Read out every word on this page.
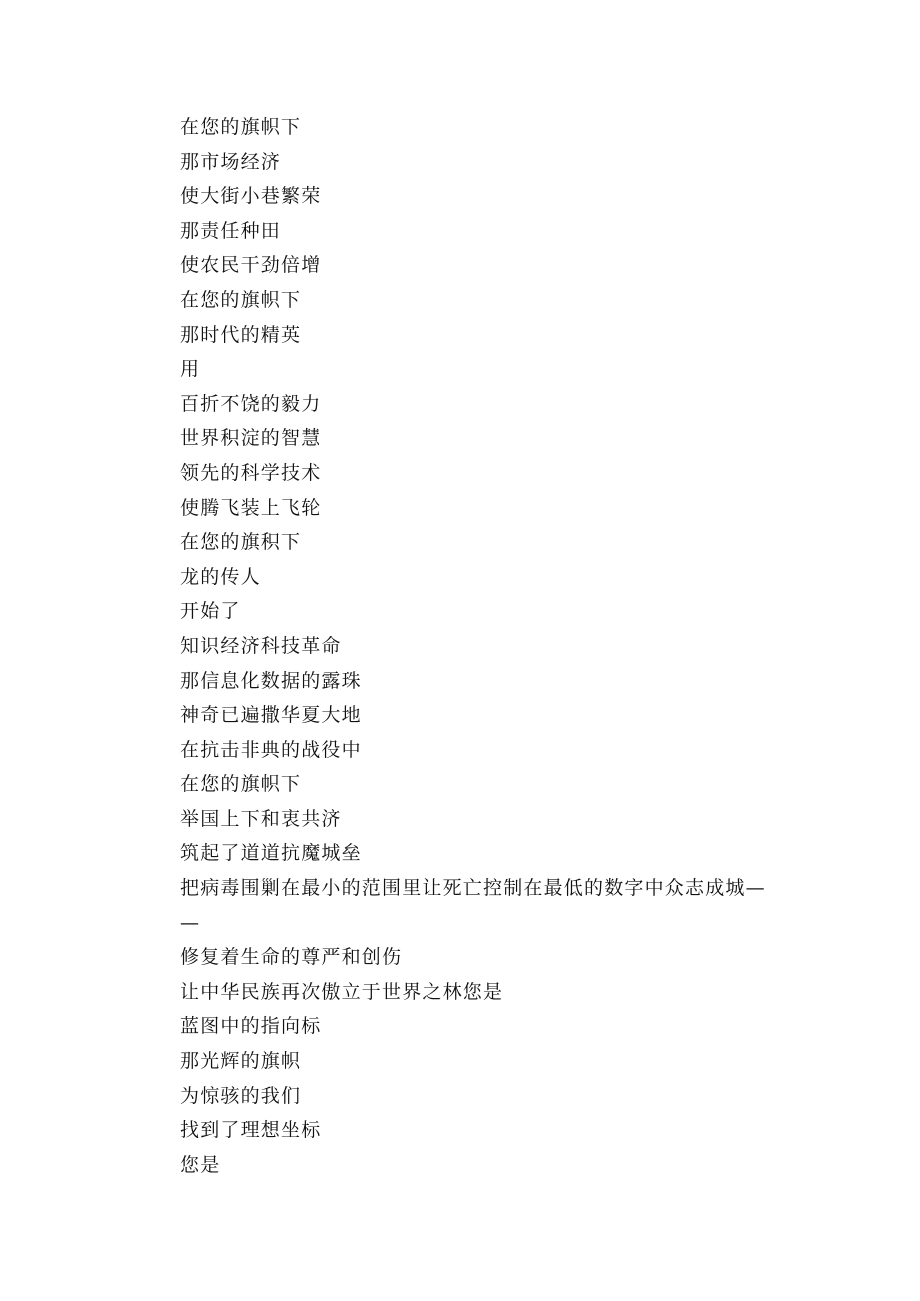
在您的旗帜下
那市场经济
使大街小巷繁荣
那责任种田
使农民干劲倍增
在您的旗帜下
那时代的精英
用
百折不饶的毅力
世界积淀的智慧
领先的科学技术
使腾飞装上飞轮
在您的旗积下
龙的传人
开始了
知识经济科技革命
那信息化数据的露珠
神奇已遍撒华夏大地
在抗击非典的战役中
在您的旗帜下
举国上下和衷共济
筑起了道道抗魔城垒
把病毒围剿在最小的范围里让死亡控制在最低的数字中众志成城—
—
修复着生命的尊严和创伤
让中华民族再次傲立于世界之林您是
蓝图中的指向标
那光辉的旗帜
为惊骇的我们
找到了理想坐标
您是
